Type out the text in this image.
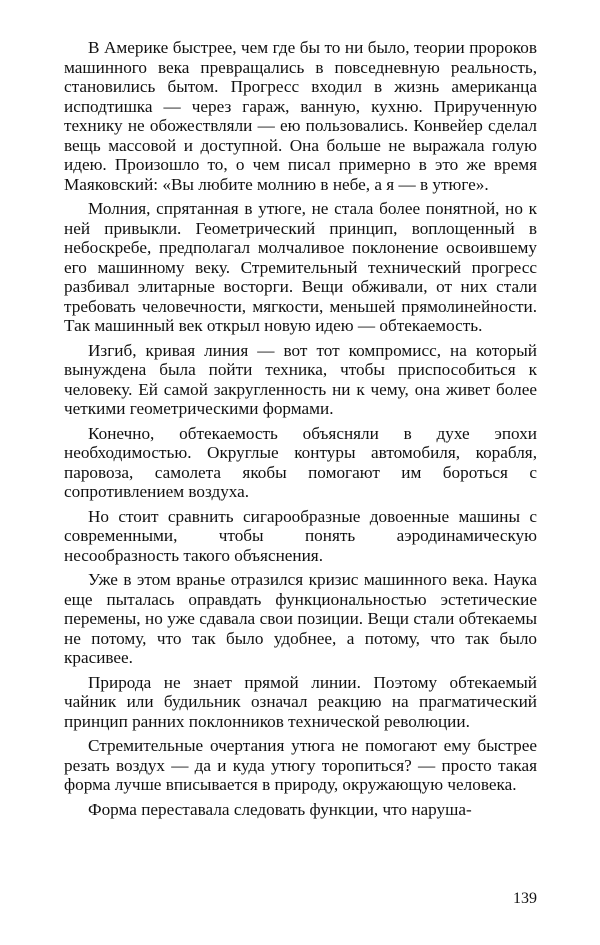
В Америке быстрее, чем где бы то ни было, теории пророков машинного века превращались в повседневную реальность, становились бытом. Прогресс входил в жизнь американца исподтишка — через гараж, ванную, кухню. Прирученную технику не обожествляли — ею пользовались. Конвейер сделал вещь массовой и доступной. Она больше не выражала голую идею. Произошло то, о чем писал примерно в это же время Маяковский: «Вы любите молнию в небе, а я — в утюге».

Молния, спрятанная в утюге, не стала более понятной, но к ней привыкли. Геометрический принцип, воплощенный в небоскребе, предполагал молчаливое поклонение освоившему его машинному веку. Стремительный технический прогресс разбивал элитарные восторги. Вещи обживали, от них стали требовать человечности, мягкости, меньшей прямолинейности. Так машинный век открыл новую идею — обтекаемость.

Изгиб, кривая линия — вот тот компромисс, на который вынуждена была пойти техника, чтобы приспособиться к человеку. Ей самой закругленность ни к чему, она живет более четкими геометрическими формами.

Конечно, обтекаемость объясняли в духе эпохи необходимостью. Округлые контуры автомобиля, корабля, паровоза, самолета якобы помогают им бороться с сопротивлением воздуха.

Но стоит сравнить сигарообразные довоенные машины с современными, чтобы понять аэродинамическую несообразность такого объяснения.

Уже в этом вранье отразился кризис машинного века. Наука еще пыталась оправдать функциональностью эстетические перемены, но уже сдавала свои позиции. Вещи стали обтекаемы не потому, что так было удобнее, а потому, что так было красивее.

Природа не знает прямой линии. Поэтому обтекаемый чайник или будильник означал реакцию на прагматический принцип ранних поклонников технической революции.

Стремительные очертания утюга не помогают ему быстрее резать воздух — да и куда утюгу торопиться? — просто такая форма лучше вписывается в природу, окружающую человека.

Форма переставала следовать функции, что наруша-

139
